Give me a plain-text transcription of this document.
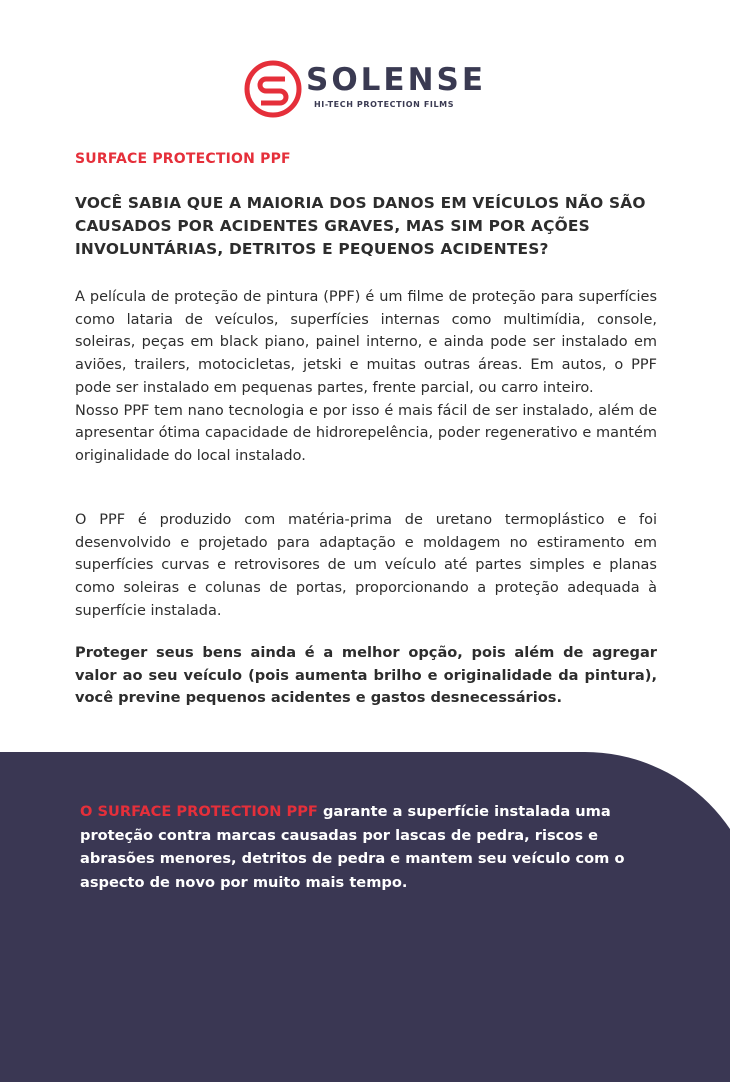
SOLENSE
HI-TECH PROTECTION FILMS
SURFACE PROTECTION PPF
VOCÊ SABIA QUE A MAIORIA DOS DANOS EM VEÍCULOS NÃO SÃO CAUSADOS POR ACIDENTES GRAVES, MAS SIM POR AÇÕES INVOLUNTÁRIAS, DETRITOS E PEQUENOS ACIDENTES?

A película de proteção de pintura (PPF) é um filme de proteção para superfícies como lataria de veículos, superfícies internas como multimídia, console, soleiras, peças em black piano, painel interno, e ainda pode ser instalado em aviões, trailers, motocicletas, jetski e muitas outras áreas. Em autos, o PPF pode ser instalado em pequenas partes, frente parcial, ou carro inteiro.

Nosso PPF tem nano tecnologia e por isso é mais fácil de ser instalado, além de apresentar ótima capacidade de hidrorepelência, poder regenerativo e mantém originalidade do local instalado.

O PPF é produzido com matéria-prima de uretano termoplástico e foi desenvolvido e projetado para adaptação e moldagem no estiramento em superfícies curvas e retrovisores de um veículo até partes simples e planas como soleiras e colunas de portas, proporcionando a proteção adequada à superfície instalada.

Proteger seus bens ainda é a melhor opção, pois além de agregar valor ao seu veículo (pois aumenta brilho e originalidade da pintura), você previne pequenos acidentes e gastos desnecessários.

O SURFACE PROTECTION PPF garante a superfície instalada uma proteção contra marcas causadas por lascas de pedra, riscos e abrasões menores, detritos de pedra e mantem seu veículo com o aspecto de novo por muito mais tempo.
